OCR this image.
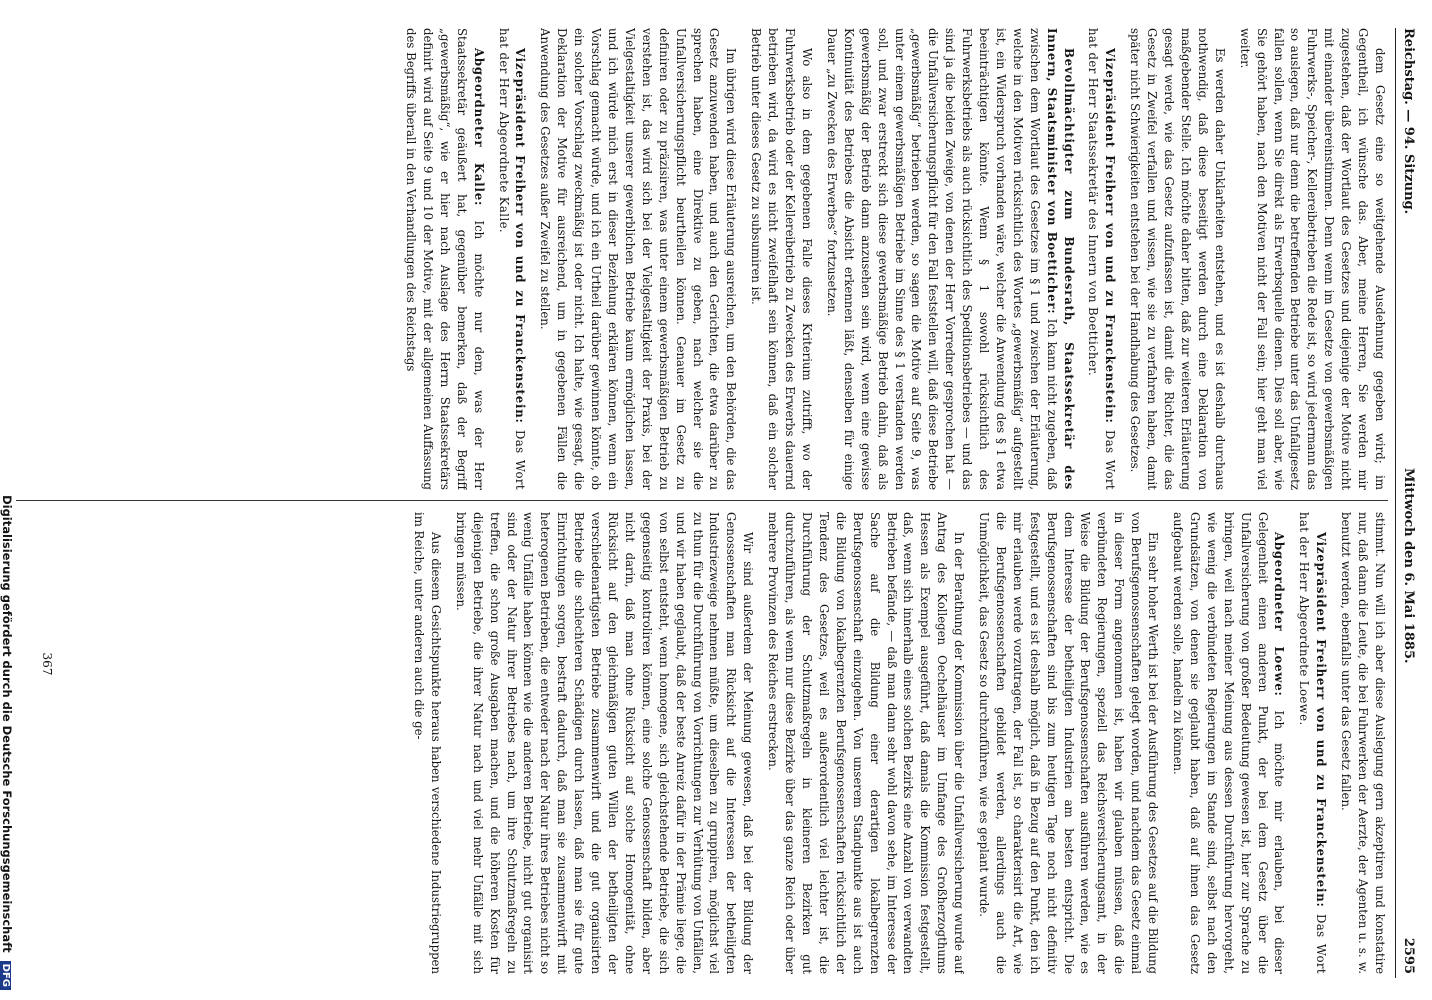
Reichstag. — 94. Sitzung.
Mittwoch den 6. Mai 1885.
2595

dem Gesetz eine so weitgehende Ausdehnung gegeben wird; im Gegentheil, ich wünsche das. Aber, meine Herren, Sie werden mir zugestehen, daß der Wortlaut des Gesetzes und diejenige der Motive nicht mit einander übereinstimmen. Denn wenn im Gesetze von gewerbsmäßigen Fuhrwerks-, Speicher-, Kellereibetrieben die Rede ist, so wird jedermann das so auslegen, daß nur denn die betreffenden Betriebe unter das Unfallgesetz fallen sollen, wenn Sie direkt als Erwerbsquelle dienen. Dies soll aber, wie Sie gehört haben, nach den Motiven nicht der Fall sein; hier geht man viel weiter.

Es werden daher Unklarheiten entstehen, und es ist deshalb durchaus nothwendig, daß diese beseitigt werden durch eine Deklaration von maßgebender Stelle. Ich möchte daher bitten, daß zur weiteren Erläuterung gesagt werde, wie das Gesetz aufzufassen ist, damit die Richter, die das Gesetz in Zweifel verfallen und wissen, wie sie zu verfahren haben, damit später nicht Schwierigkeiten entstehen bei der Handhabung des Gesetzes.

Vizepräsident Freiherr von und zu Franckenstein: Das Wort hat der Herr Staatssekretär des Innern von Boetticher.

Bevollmächtigter zum Bundesrath, Staatssekretär des Innern, Staatsminister von Boetticher: Ich kann nicht zugeben, daß zwischen dem Wortlaut des Gesetzes im § 1 und zwischen der Erläuterung, welche in den Motiven rücksichtlich des Wortes „gewerbsmäßig“ aufgestellt ist, ein Widerspruch vorhanden wäre, welcher die Anwendung des § 1 etwa beeinträchtigen könnte. Wenn § 1 sowohl rücksichtlich des Fuhrwerksbetriebs als auch rücksichtlich des Speditionsbetriebes — und das sind ja die beiden Zweige, von denen der Herr Vorredner gesprochen hat — die Unfallversicherungspflicht für den Fall feststellen will, daß diese Betriebe „gewerbsmäßig“ betrieben werden, so sagen die Motive auf Seite 9, was unter einem gewerbsmäßigen Betriebe im Sinne des § 1 verstanden werden soll, und zwar erstreckt sich diese gewerbsmäßige Betrieb dahin, daß als gewerbsmäßig der Betrieb dann anzusehen sein wird, wenn eine gewisse Kontinuität des Betriebes die Absicht erkennen läßt, denselben für einige Dauer „zu Zwecken des Erwerbes“ fortzusetzen.

Wo also in dem gegebenen Falle dieses Kriterium zutrifft, wo der Fuhrwerksbetrieb oder der Kellereibetrieb zu Zwecken des Erwerbs dauernd betrieben wird, da wird es nicht zweifelhaft sein können, daß ein solcher Betrieb unter dieses Gesetz zu subsumiren ist.

Im übrigen wird diese Erläuterung ausreichen, um den Behörden, die das Gesetz anzuwenden haben, und auch den Gerichten, die etwa darüber zu sprechen haben, eine Direktive zu geben, nach welcher sie die Unfallversicherungspflicht beurtheilen können. Genauer im Gesetz zu definiren oder zu präzisiren, was unter einem gewerbsmäßigen Betrieb zu verstehen ist, das wird sich bei der Vielgestaltigkeit der Praxis, bei der Vielgestaltigkeit unserer gewerblichen Betriebe kaum ermöglichen lassen, und ich würde mich erst in dieser Beziehung erklären können, wenn ein Vorschlag gemacht würde, und ich ein Urtheil darüber gewinnen könnte, ob ein solcher Vorschlag zweckmäßig ist oder nicht. Ich halte, wie gesagt, die Deklaration der Motive für ausreichend, um in gegebenen Fällen die Anwendung des Gesetzes außer Zweifel zu stellen.

Vizepräsident Freiherr von und zu Franckenstein: Das Wort hat der Herr Abgeordnete Kalle.

Abgeordneter Kalle: Ich möchte nur dem, was der Herr Staatssekretär geäußert hat, gegenüber bemerken, daß der Begriff „gewerbsmäßig“, wie er hier nach Auslage des Herrn Staatssekretärs definirt wird auf Seite 9 und 10 der Motive, mit der allgemeinen Auffassung des Begriffs überall in den Verhandlungen des Reichstags

stimmt. Nun will ich aber diese Auslegung gern akzeptiren und konstatire nur, daß dann die Leute, die bei Fuhrwerken der Aerzte, der Agenten u. s. w. benutzt werden, ebenfalls unter das Gesetz fallen.

Vizepräsident Freiherr von und zu Franckenstein: Das Wort hat der Herr Abgeordnete Loewe.

Abgeordneter Loewe: Ich möchte mir erlauben, bei dieser Gelegenheit einen anderen Punkt, der bei dem Gesetz über die Unfallversicherung von großer Bedeutung gewesen ist, hier zur Sprache zu bringen, weil nach meiner Meinung aus dessen Durchführung hervorgeht, wie wenig die verbündeten Regierungen im Stande sind, selbst nach den Grundsätzen, von denen sie geglaubt haben, daß auf ihnen das Gesetz aufgebaut werden solle, handeln zu können.

Ein sehr hoher Werth ist bei der Ausführung des Gesetzes auf die Bildung von Berufsgenossenschaften gelegt worden, und nachdem das Gesetz einmal in dieser Form angenommen ist, haben wir glauben müssen, daß die verbündeten Regierungen, speziell das Reichsversicherungsamt, in der Weise die Bildung der Berufsgenossenschaften ausführen werden, wie es dem Interesse der betheiligten Industrien am besten entspricht. Die Berufsgenossenschaften sind bis zum heutigen Tage noch nicht definitiv festgestellt, und es ist deshalb möglich, daß in Bezug auf den Punkt, den ich mir erlauben werde vorzutragen, der Fall ist, so charakterisirt die Art, wie die Berufsgenossenschaften gebildet werden, allerdings auch die Unmöglichkeit, das Gesetz so durchzuführen, wie es geplant wurde.

In der Berathung der Kommission über die Unfallversicherung wurde auf Antrag des Kollegen Oechelhäuser im Umfange des Großherzogthums Hessen als Exempel ausgeführt, daß damals die Kommission festgestellt, daß, wenn sich innerhalb eines solchen Bezirks eine Anzahl von verwandten Betrieben befände, — daß man dann sehr wohl davon sehe, im Interesse der Sache auf die Bildung einer derartigen lokalbegrenzten Berufsgenossenschaft einzugehen. Von unserem Standpunkte aus ist auch die Bildung von lokalbegrenzten Berufsgenossenschaften rücksichtlich der Tendenz des Gesetzes, weil es außerordentlich viel leichter ist, die Durchführung der Schutzmaßregeln in kleineren Bezirken gut durchzuführen, als wenn nur diese Bezirke über das ganze Reich oder über mehrere Provinzen des Reiches erstrecken.

Wir sind außerdem der Meinung gewesen, daß bei der Bildung der Genossenschaften man Rücksicht auf die Interessen der betheiligten Industriezweige nehmen müßte, um dieselben zu gruppiren, möglichst viel zu thun für die Durchführung von Vorrichtungen zur Verhütung von Unfällen, und wir haben geglaubt, daß der beste Anreiz dafür in der Prämie liege, die von selbst entsteht, wenn homogene, sich gleichstehende Betriebe, die sich gegenseitig kontroliren können, eine solche Genossenschaft bilden, aber nicht darin, daß man ohne Rücksicht auf solche Homogenität, ohne Rücksicht auf den gleichmäßigen guten Willen der betheiligten der verschiedenartigsten Betriebe zusammenwirft und die gut organisirten Betriebe die schlechteren Schädigen durch lassen, daß man sie für gute Einrichtungen sorgen, bestraft dadurch, daß man sie zusammenwirft mit heterogenen Betrieben, die entweder nach der Natur ihres Betriebes nicht so wenig Unfälle haben können wie die anderen Betriebe, nicht gut organisirt sind oder der Natur ihrer Betriebes nach, um ihre Schutzmaßregeln zu treffen, die schon große Ausgaben machen, und die höheren Kosten für diejenigen Betriebe, die ihrer Natur nach und viel mehr Unfälle mit sich bringen müssen.

Aus diesem Gesichtspunkte heraus haben verschiedene Industriegruppen im Reiche, unter anderen auch die ge-

367
Digitalisierung gefördert durch die Deutsche Forschungsgemeinschaft DFG
